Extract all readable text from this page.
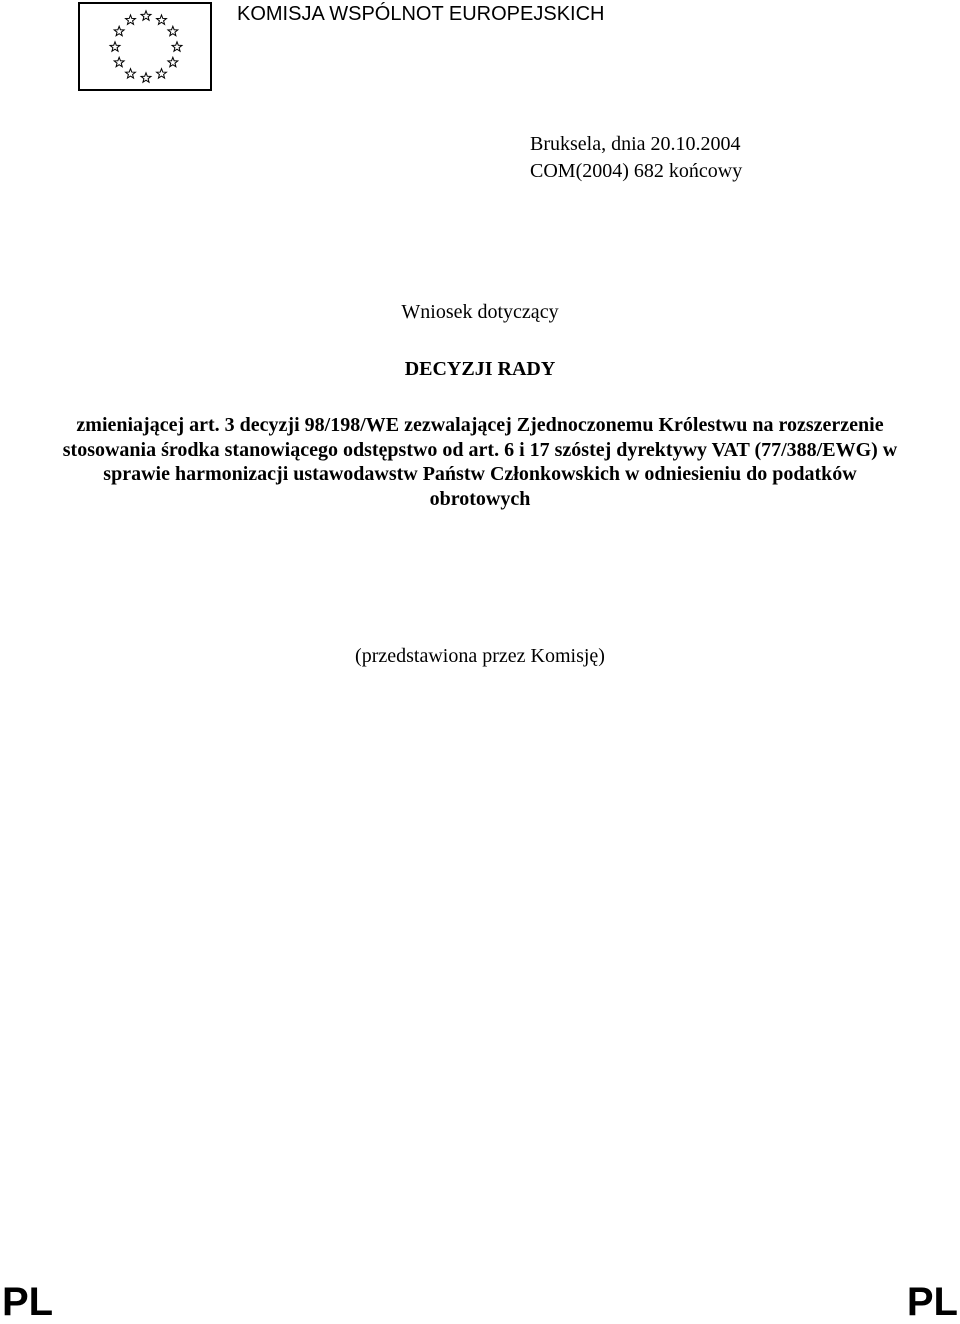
KOMISJA WSPÓLNOT EUROPEJSKICH
Bruksela, dnia 20.10.2004
COM(2004) 682 końcowy
Wniosek dotyczący
DECYZJI RADY
zmieniającej art. 3 decyzji 98/198/WE zezwalającej Zjednoczonemu Królestwu na rozszerzenie stosowania środka stanowiącego odstępstwo od art. 6 i 17 szóstej dyrektywy VAT (77/388/EWG) w sprawie harmonizacji ustawodawstw Państw Członkowskich w odniesieniu do podatków obrotowych
(przedstawiona przez Komisję)
PL	PL
